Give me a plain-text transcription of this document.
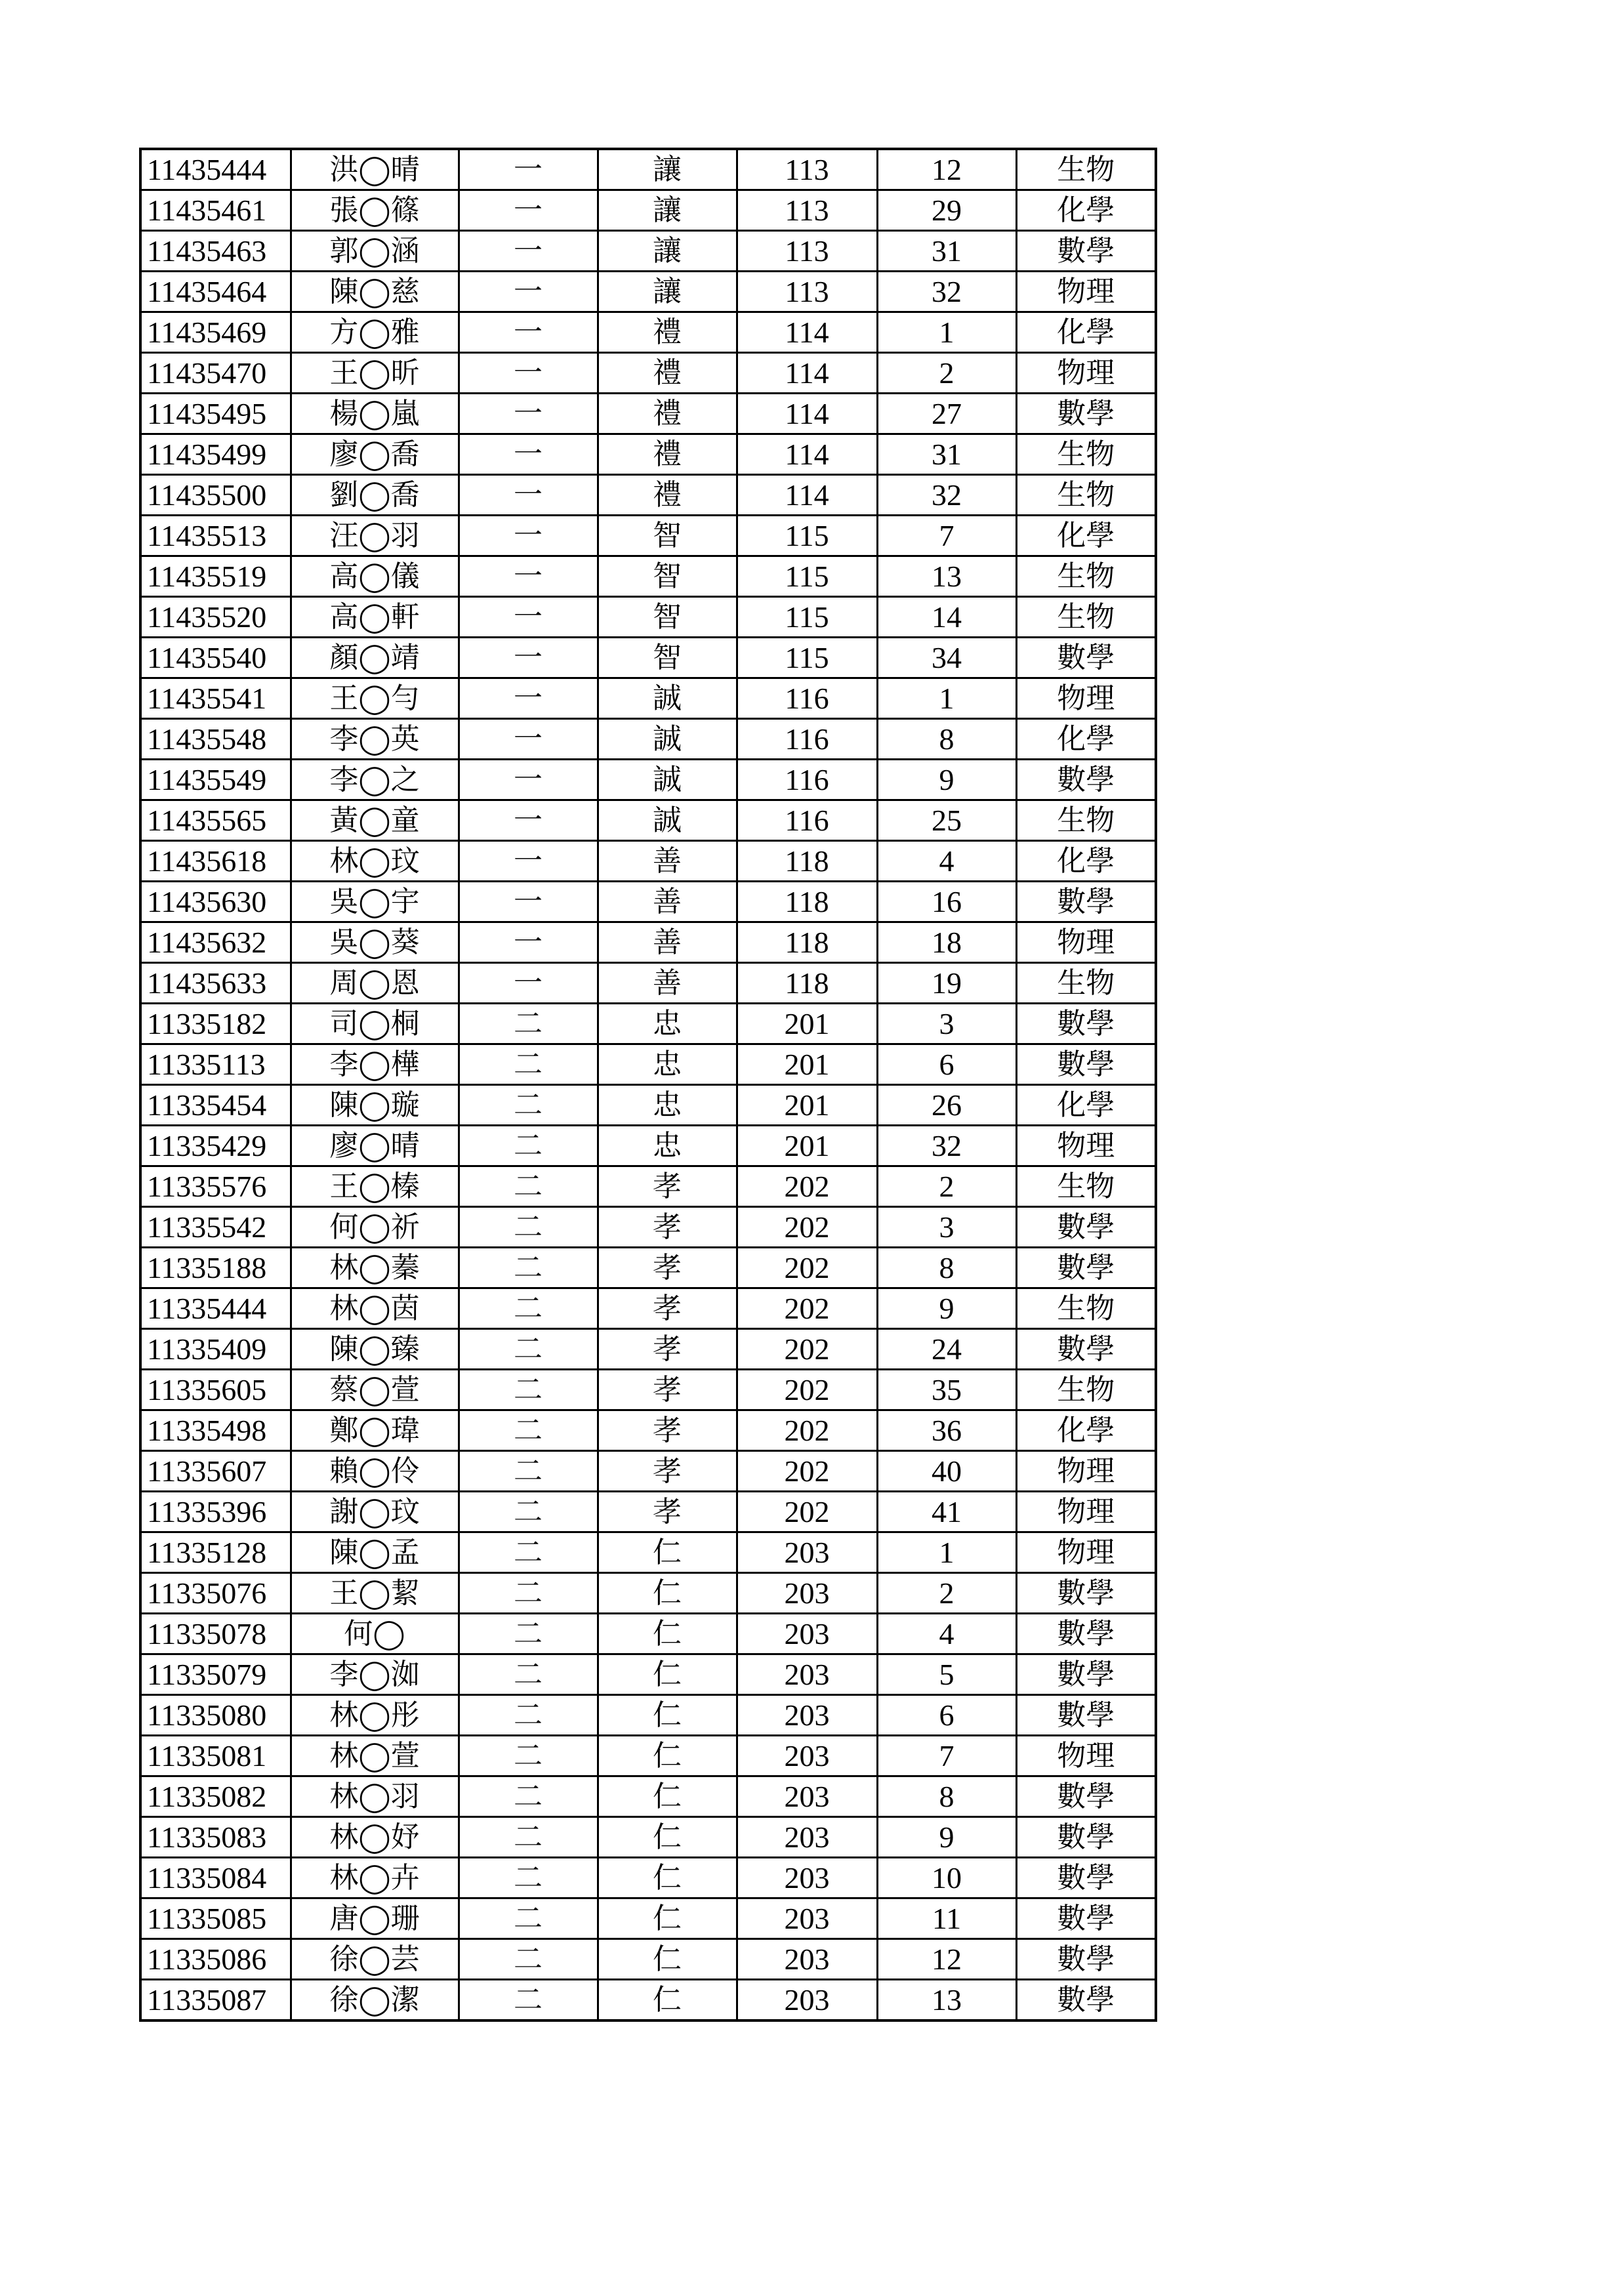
11435444	洪◯晴	一	讓	113	12	生物
11435461	張◯篠	一	讓	113	29	化學
11435463	郭◯涵	一	讓	113	31	數學
11435464	陳◯慈	一	讓	113	32	物理
11435469	方◯雅	一	禮	114	1	化學
11435470	王◯昕	一	禮	114	2	物理
11435495	楊◯嵐	一	禮	114	27	數學
11435499	廖◯喬	一	禮	114	31	生物
11435500	劉◯喬	一	禮	114	32	生物
11435513	汪◯羽	一	智	115	7	化學
11435519	高◯儀	一	智	115	13	生物
11435520	高◯軒	一	智	115	14	生物
11435540	顏◯靖	一	智	115	34	數學
11435541	王◯勻	一	誠	116	1	物理
11435548	李◯英	一	誠	116	8	化學
11435549	李◯之	一	誠	116	9	數學
11435565	黃◯童	一	誠	116	25	生物
11435618	林◯玟	一	善	118	4	化學
11435630	吳◯宇	一	善	118	16	數學
11435632	吳◯葵	一	善	118	18	物理
11435633	周◯恩	一	善	118	19	生物
11335182	司◯桐	二	忠	201	3	數學
11335113	李◯樺	二	忠	201	6	數學
11335454	陳◯璇	二	忠	201	26	化學
11335429	廖◯晴	二	忠	201	32	物理
11335576	王◯榛	二	孝	202	2	生物
11335542	何◯祈	二	孝	202	3	數學
11335188	林◯蓁	二	孝	202	8	數學
11335444	林◯茵	二	孝	202	9	生物
11335409	陳◯臻	二	孝	202	24	數學
11335605	蔡◯萱	二	孝	202	35	生物
11335498	鄭◯瑋	二	孝	202	36	化學
11335607	賴◯伶	二	孝	202	40	物理
11335396	謝◯玟	二	孝	202	41	物理
11335128	陳◯孟	二	仁	203	1	物理
11335076	王◯絜	二	仁	203	2	數學
11335078	何◯	二	仁	203	4	數學
11335079	李◯洳	二	仁	203	5	數學
11335080	林◯彤	二	仁	203	6	數學
11335081	林◯萱	二	仁	203	7	物理
11335082	林◯羽	二	仁	203	8	數學
11335083	林◯妤	二	仁	203	9	數學
11335084	林◯卉	二	仁	203	10	數學
11335085	唐◯珊	二	仁	203	11	數學
11335086	徐◯芸	二	仁	203	12	數學
11335087	徐◯潔	二	仁	203	13	數學
